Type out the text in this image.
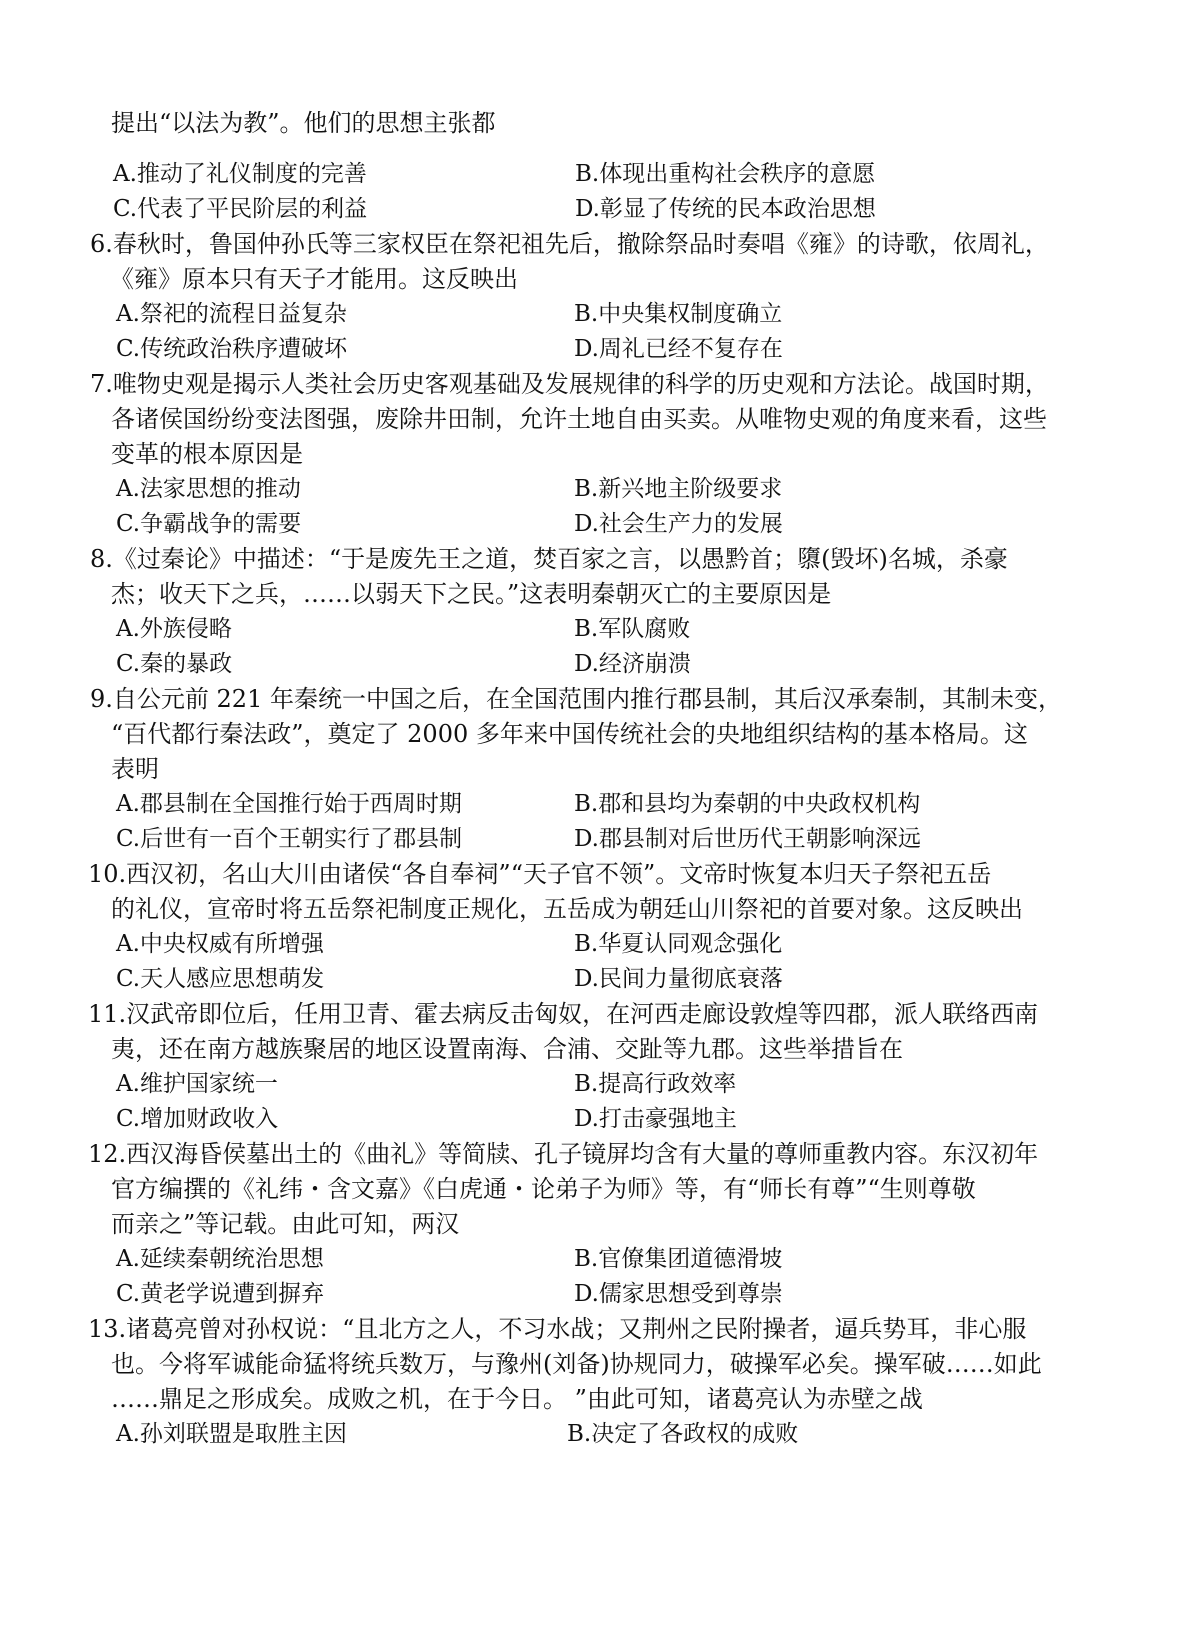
提出“以法为教”。他们的思想主张都
A.推动了礼仪制度的完善	B.体现出重构社会秩序的意愿
C.代表了平民阶层的利益	D.彰显了传统的民本政治思想
6.春秋时，鲁国仲孙氏等三家权臣在祭祀祖先后，撤除祭品时奏唱《雍》的诗歌，依周礼，
《雍》原本只有天子才能用。这反映出
A.祭祀的流程日益复杂	B.中央集权制度确立
C.传统政治秩序遭破坏	D.周礼已经不复存在
7.唯物史观是揭示人类社会历史客观基础及发展规律的科学的历史观和方法论。战国时期，
各诸侯国纷纷变法图强，废除井田制，允许土地自由买卖。从唯物史观的角度来看，这些
变革的根本原因是
A.法家思想的推动	B.新兴地主阶级要求
C.争霸战争的需要	D.社会生产力的发展
8.《过秦论》中描述：“于是废先王之道，焚百家之言，以愚黔首；隳(毁坏)名城，杀豪
杰；收天下之兵，……以弱天下之民。”这表明秦朝灭亡的主要原因是
A.外族侵略	B.军队腐败
C.秦的暴政	D.经济崩溃
9.自公元前 221 年秦统一中国之后，在全国范围内推行郡县制，其后汉承秦制，其制未变，
“百代都行秦法政”，奠定了 2000 多年来中国传统社会的央地组织结构的基本格局。这
表明
A.郡县制在全国推行始于西周时期	B.郡和县均为秦朝的中央政权机构
C.后世有一百个王朝实行了郡县制	D.郡县制对后世历代王朝影响深远
10.西汉初，名山大川由诸侯“各自奉祠”“天子官不领”。文帝时恢复本归天子祭祀五岳
的礼仪，宣帝时将五岳祭祀制度正规化，五岳成为朝廷山川祭祀的首要对象。这反映出
A.中央权威有所增强	B.华夏认同观念强化
C.天人感应思想萌发	D.民间力量彻底衰落
11.汉武帝即位后，任用卫青、霍去病反击匈奴，在河西走廊设敦煌等四郡，派人联络西南
夷，还在南方越族聚居的地区设置南海、合浦、交趾等九郡。这些举措旨在
A.维护国家统一	B.提高行政效率
C.增加财政收入	D.打击豪强地主
12.西汉海昏侯墓出土的《曲礼》等简牍、孔子镜屏均含有大量的尊师重教内容。东汉初年
官方编撰的《礼纬・含文嘉》《白虎通・论弟子为师》等，有“师长有尊”“生则尊敬
而亲之”等记载。由此可知，两汉
A.延续秦朝统治思想	B.官僚集团道德滑坡
C.黄老学说遭到摒弃	D.儒家思想受到尊崇
13.诸葛亮曾对孙权说：“且北方之人，不习水战；又荆州之民附操者，逼兵势耳，非心服
也。今将军诚能命猛将统兵数万，与豫州(刘备)协规同力，破操军必矣。操军破……如此
……鼎足之形成矣。成败之机，在于今日。 ”由此可知，诸葛亮认为赤壁之战
A.孙刘联盟是取胜主因	B.决定了各政权的成败
